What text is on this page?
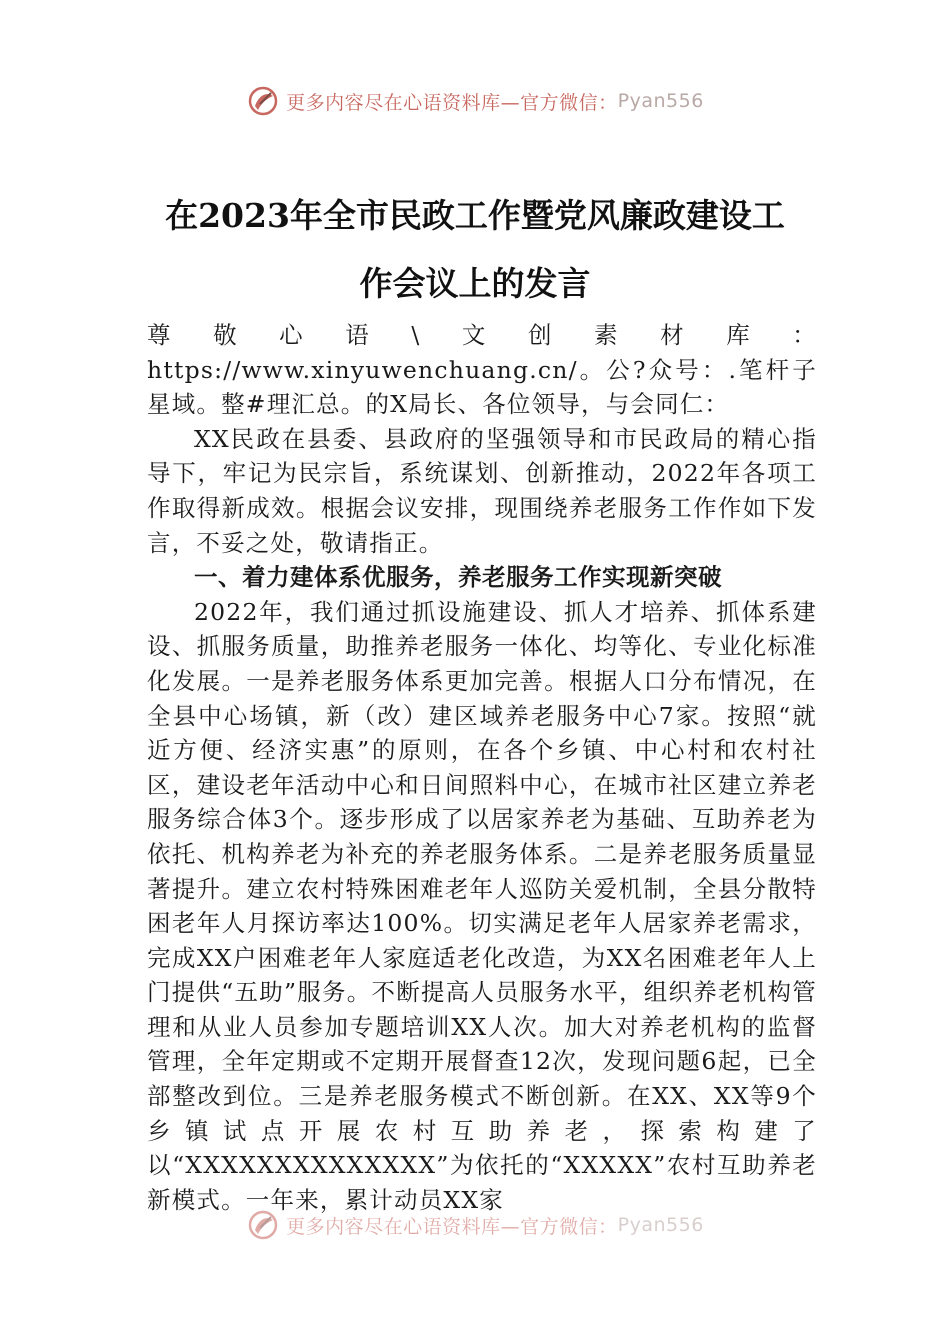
更多内容尽在心语资料库—官方微信： Pyan556
在2023年全市民政工作暨党风廉政建设工
作会议上的发言

尊敬心语\文创素材库：https://www.xinyuwenchuang.cn/。公?众号：.笔杆子星域。整#理汇总。的X局长、各位领导，与会同仁：

XX民政在县委、县政府的坚强领导和市民政局的精心指导下，牢记为民宗旨，系统谋划、创新推动，2022年各项工作取得新成效。根据会议安排，现围绕养老服务工作作如下发言，不妥之处，敬请指正。

一、着力建体系优服务，养老服务工作实现新突破

2022年，我们通过抓设施建设、抓人才培养、抓体系建设、抓服务质量，助推养老服务一体化、均等化、专业化标准化发展。一是养老服务体系更加完善。根据人口分布情况，在全县中心场镇，新（改）建区域养老服务中心7家。按照“就近方便、经济实惠”的原则，在各个乡镇、中心村和农村社区，建设老年活动中心和日间照料中心，在城市社区建立养老服务综合体3个。逐步形成了以居家养老为基础、互助养老为依托、机构养老为补充的养老服务体系。二是养老服务质量显著提升。建立农村特殊困难老年人巡防关爱机制，全县分散特困老年人月探访率达100%。切实满足老年人居家养老需求，完成XX户困难老年人家庭适老化改造，为XX名困难老年人上门提供“五助”服务。不断提高人员服务水平，组织养老机构管理和从业人员参加专题培训XX人次。加大对养老机构的监督管理，全年定期或不定期开展督查12次，发现问题6起，已全部整改到位。三是养老服务模式不断创新。在XX、XX等9个乡镇试点开展农村互助养老，探索构建了以“XXXXXXXXXXXXXX”为依托的“XXXXX”农村互助养老新模式。一年来，累计动员XX家

更多内容尽在心语资料库—官方微信： Pyan556
